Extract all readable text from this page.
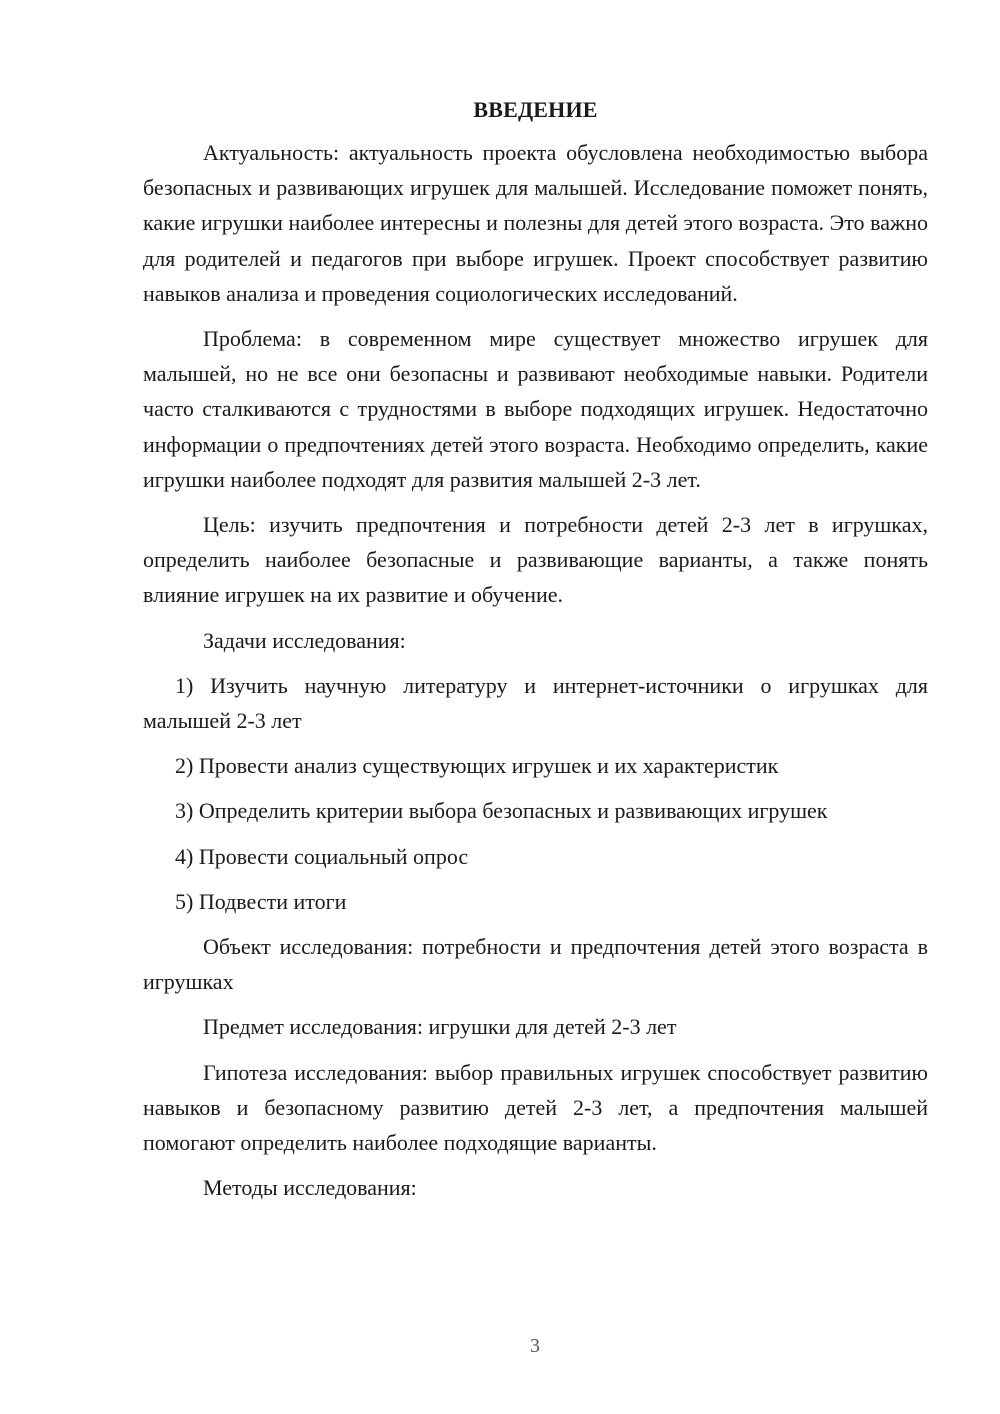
ВВЕДЕНИЕ

Актуальность: актуальность проекта обусловлена необходимостью выбора безопасных и развивающих игрушек для малышей. Исследование поможет понять, какие игрушки наиболее интересны и полезны для детей этого возраста. Это важно для родителей и педагогов при выборе игрушек. Проект способствует развитию навыков анализа и проведения социологических исследований.

Проблема: в современном мире существует множество игрушек для малышей, но не все они безопасны и развивают необходимые навыки. Родители часто сталкиваются с трудностями в выборе подходящих игрушек. Недостаточно информации о предпочтениях детей этого возраста. Необходимо определить, какие игрушки наиболее подходят для развития малышей 2-3 лет.

Цель: изучить предпочтения и потребности детей 2-3 лет в игрушках, определить наиболее безопасные и развивающие варианты, а также понять влияние игрушек на их развитие и обучение.

Задачи исследования:

1) Изучить научную литературу и интернет-источники о игрушках для малышей 2-3 лет

2) Провести анализ существующих игрушек и их характеристик

3) Определить критерии выбора безопасных и развивающих игрушек

4) Провести социальный опрос

5) Подвести итоги

Объект исследования: потребности и предпочтения детей этого возраста в игрушках

Предмет исследования: игрушки для детей 2-3 лет

Гипотеза исследования: выбор правильных игрушек способствует развитию навыков и безопасному развитию детей 2-3 лет, а предпочтения малышей помогают определить наиболее подходящие варианты.

Методы исследования:

3
